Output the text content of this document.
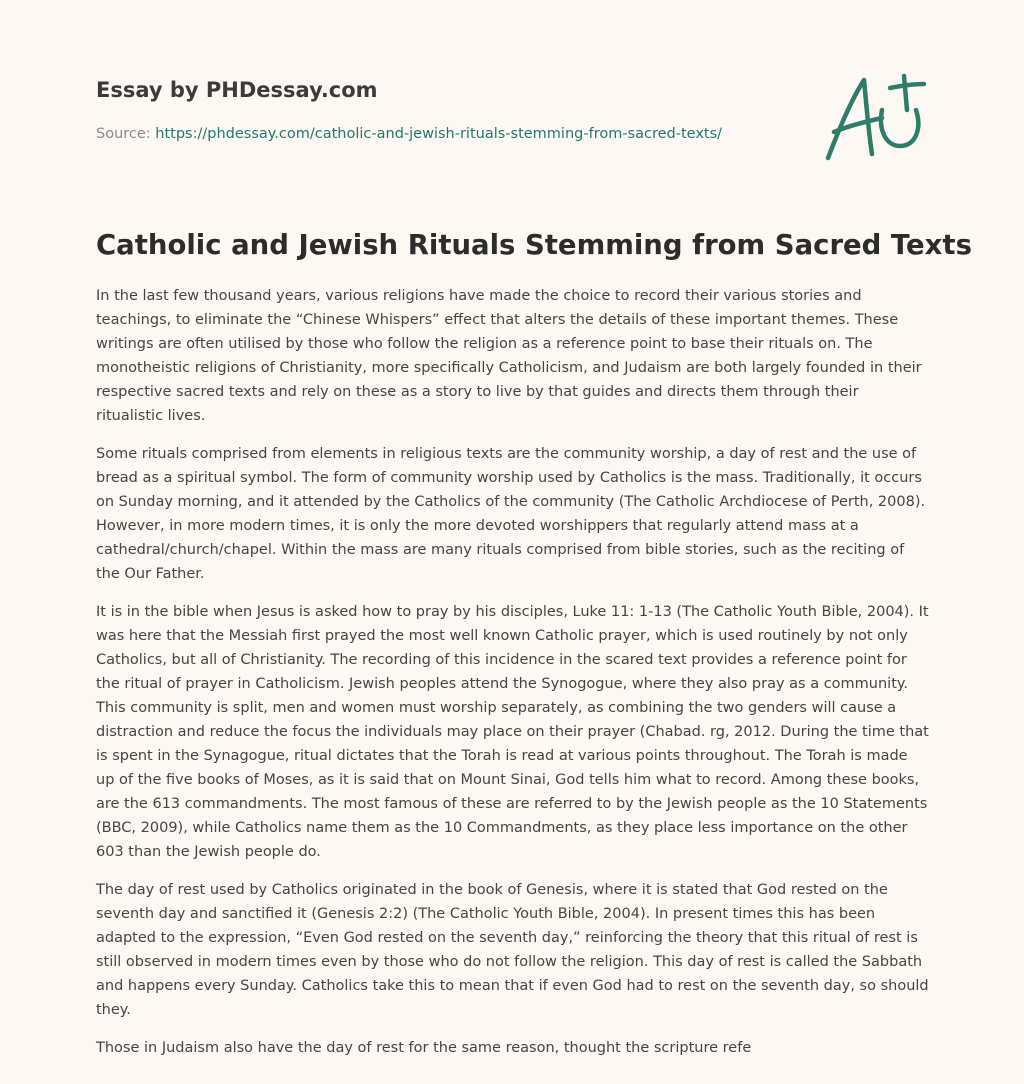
Essay by PHDessay.com
Source: https://phdessay.com/catholic-and-jewish-rituals-stemming-from-sacred-texts/
Catholic and Jewish Rituals Stemming from Sacred Texts

In the last few thousand years, various religions have made the choice to record their various stories and teachings, to eliminate the “Chinese Whispers” effect that alters the details of these important themes. These writings are often utilised by those who follow the religion as a reference point to base their rituals on. The monotheistic religions of Christianity, more specifically Catholicism, and Judaism are both largely founded in their respective sacred texts and rely on these as a story to live by that guides and directs them through their ritualistic lives.

Some rituals comprised from elements in religious texts are the community worship, a day of rest and the use of bread as a spiritual symbol. The form of community worship used by Catholics is the mass. Traditionally, it occurs on Sunday morning, and it attended by the Catholics of the community (The Catholic Archdiocese of Perth, 2008). However, in more modern times, it is only the more devoted worshippers that regularly attend mass at a cathedral/church/chapel. Within the mass are many rituals comprised from bible stories, such as the reciting of the Our Father.

It is in the bible when Jesus is asked how to pray by his disciples, Luke 11: 1-13 (The Catholic Youth Bible, 2004). It was here that the Messiah first prayed the most well known Catholic prayer, which is used routinely by not only Catholics, but all of Christianity. The recording of this incidence in the scared text provides a reference point for the ritual of prayer in Catholicism. Jewish peoples attend the Synogogue, where they also pray as a community. This community is split, men and women must worship separately, as combining the two genders will cause a distraction and reduce the focus the individuals may place on their prayer (Chabad. rg, 2012. During the time that is spent in the Synagogue, ritual dictates that the Torah is read at various points throughout. The Torah is made up of the five books of Moses, as it is said that on Mount Sinai, God tells him what to record. Among these books, are the 613 commandments. The most famous of these are referred to by the Jewish people as the 10 Statements (BBC, 2009), while Catholics name them as the 10 Commandments, as they place less importance on the other 603 than the Jewish people do.

The day of rest used by Catholics originated in the book of Genesis, where it is stated that God rested on the seventh day and sanctified it (Genesis 2:2) (The Catholic Youth Bible, 2004). In present times this has been adapted to the expression, “Even God rested on the seventh day,” reinforcing the theory that this ritual of rest is still observed in modern times even by those who do not follow the religion. This day of rest is called the Sabbath and happens every Sunday. Catholics take this to mean that if even God had to rest on the seventh day, so should they.

Those in Judaism also have the day of rest for the same reason, thought the scripture refe
